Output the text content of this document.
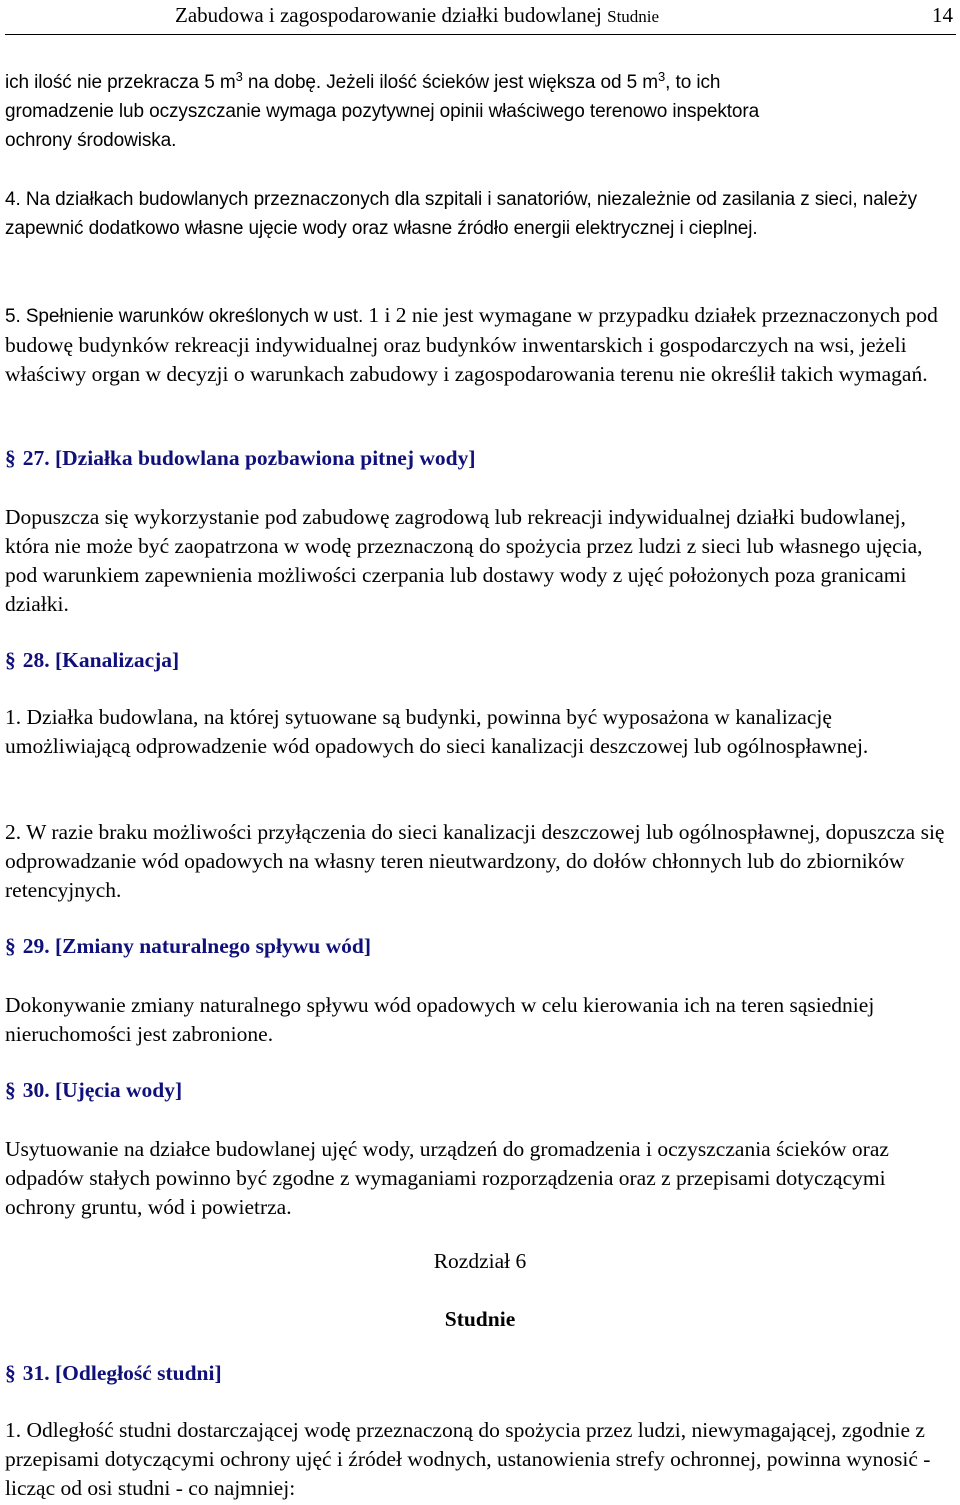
Zabudowa i zagospodarowanie działki budowlanej Studnie	14
ich ilość nie przekracza 5 $m^3$ na dobę. Jeżeli ilość ścieków jest większa od 5 $m^3$, to ich
gromadzenie lub oczyszczanie wymaga pozytywnej opinii właściwego terenowo inspektora
ochrony środowiska.

4. Na działkach budowlanych przeznaczonych dla szpitali i sanatoriów, niezależnie od zasilania z sieci, należy zapewnić dodatkowo własne ujęcie wody oraz własne źródło energii elektrycznej i cieplnej.

5. Spełnienie warunków określonych w ust. 1 i 2 nie jest wymagane w przypadku działek przeznaczonych pod budowę budynków rekreacji indywidualnej oraz budynków inwentarskich i gospodarczych na wsi, jeżeli właściwy organ w decyzji o warunkach zabudowy i zagospodarowania terenu nie określił takich wymagań.

§ 27. [Działka budowlana pozbawiona pitnej wody]

Dopuszcza się wykorzystanie pod zabudowę zagrodową lub rekreacji indywidualnej działki budowlanej, która nie może być zaopatrzona w wodę przeznaczoną do spożycia przez ludzi z sieci lub własnego ujęcia, pod warunkiem zapewnienia możliwości czerpania lub dostawy wody z ujęć położonych poza granicami działki.

§ 28. [Kanalizacja]

1. Działka budowlana, na której sytuowane są budynki, powinna być wyposażona w kanalizację umożliwiającą odprowadzenie wód opadowych do sieci kanalizacji deszczowej lub ogólnospławnej.

2. W razie braku możliwości przyłączenia do sieci kanalizacji deszczowej lub ogólnospławnej, dopuszcza się odprowadzanie wód opadowych na własny teren nieutwardzony, do dołów chłonnych lub do zbiorników retencyjnych.

§ 29. [Zmiany naturalnego spływu wód]

Dokonywanie zmiany naturalnego spływu wód opadowych w celu kierowania ich na teren sąsiedniej nieruchomości jest zabronione.

§ 30. [Ujęcia wody]

Usytuowanie na działce budowlanej ujęć wody, urządzeń do gromadzenia i oczyszczania ścieków oraz odpadów stałych powinno być zgodne z wymaganiami rozporządzenia oraz z przepisami dotyczącymi ochrony gruntu, wód i powietrza.

Rozdział 6
Studnie
§ 31. [Odległość studni]

1. Odległość studni dostarczającej wodę przeznaczoną do spożycia przez ludzi, niewymagającej, zgodnie z przepisami dotyczącymi ochrony ujęć i źródeł wodnych, ustanowienia strefy ochronnej, powinna wynosić - licząc od osi studni - co najmniej:
